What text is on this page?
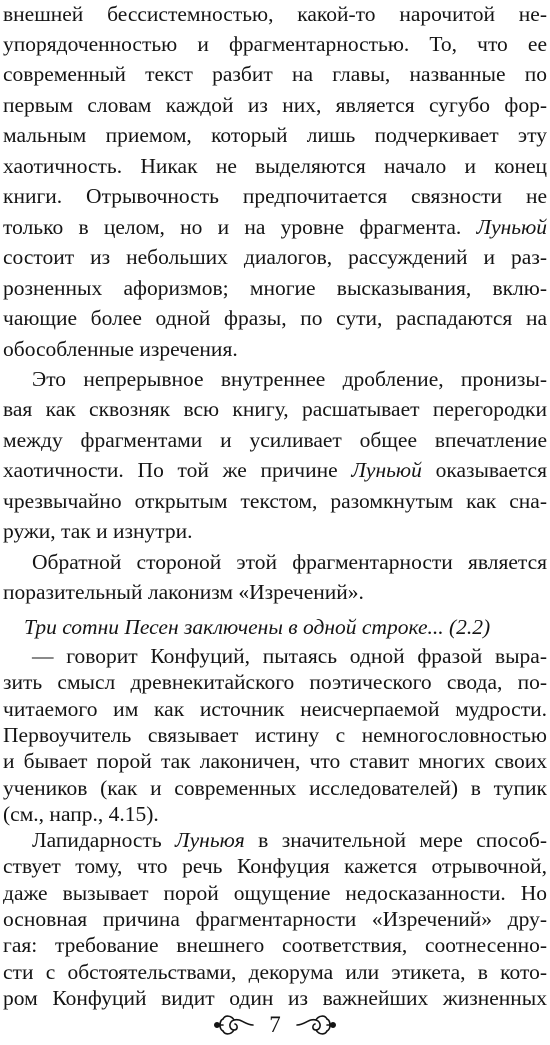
внешней бессистемностью, какой-то нарочитой не-
упорядоченностью и фрагментарностью. То, что ее
современный текст разбит на главы, названные по
первым словам каждой из них, является сугубо фор-
мальным приемом, который лишь подчеркивает эту
хаотичность. Никак не выделяются начало и конец
книги. Отрывочность предпочитается связности не
только в целом, но и на уровне фрагмента. Луньюй
состоит из небольших диалогов, рассуждений и раз-
розненных афоризмов; многие высказывания, вклю-
чающие более одной фразы, по сути, распадаются на
обособленные изречения.
Это непрерывное внутреннее дробление, пронизы-
вая как сквозняк всю книгу, расшатывает перегородки
между фрагментами и усиливает общее впечатление
хаотичности. По той же причине Луньюй оказывается
чрезвычайно открытым текстом, разомкнутым как сна-
ружи, так и изнутри.
Обратной стороной этой фрагментарности является
поразительный лаконизм «Изречений».
Три сотни Песен заключены в одной строке... (2.2)
— говорит Конфуций, пытаясь одной фразой выра-
зить смысл древнекитайского поэтического свода, по-
читаемого им как источник неисчерпаемой мудрости.
Первоучитель связывает истину с немногословностью
и бывает порой так лаконичен, что ставит многих своих
учеников (как и современных исследователей) в тупик
(см., напр., 4.15).
Лапидарность Луньюя в значительной мере способ-
ствует тому, что речь Конфуция кажется отрывочной,
даже вызывает порой ощущение недосказанности. Но
основная причина фрагментарности «Изречений» дру-
гая: требование внешнего соответствия, соотнесенно-
сти с обстоятельствами, декорума или этикета, в кото-
ром Конфуций видит один из важнейших жизненных
7
